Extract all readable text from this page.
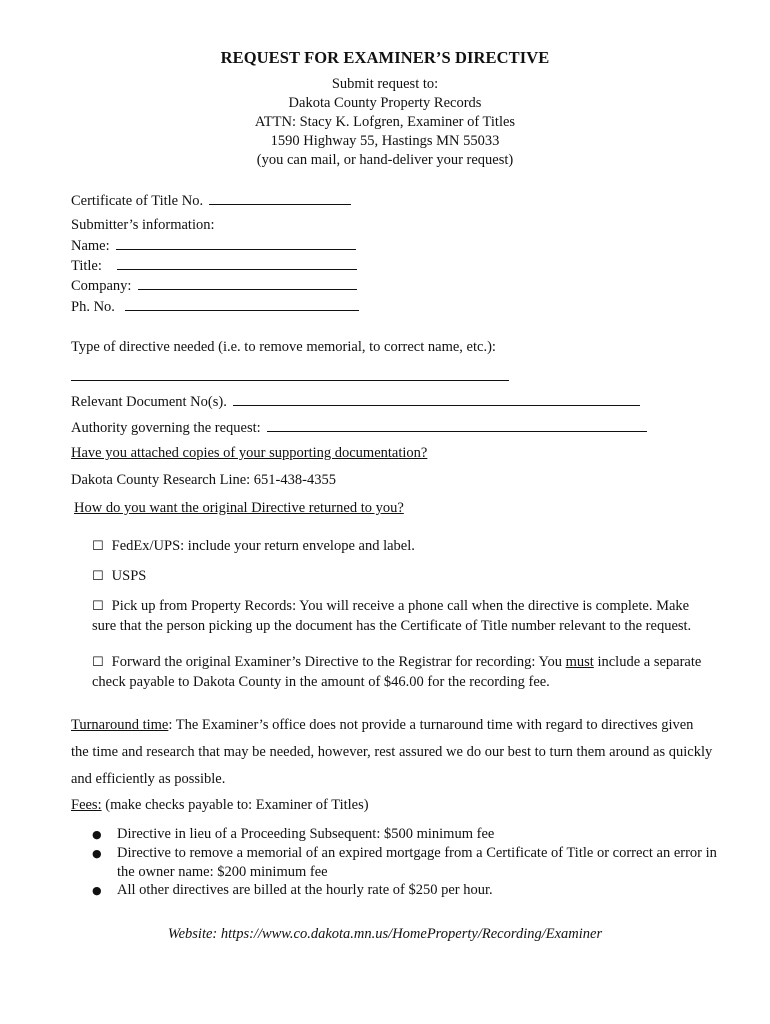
REQUEST FOR EXAMINER’S DIRECTIVE
Submit request to:
Dakota County Property Records
ATTN: Stacy K. Lofgren, Examiner of Titles
1590 Highway 55, Hastings MN 55033
(you can mail, or hand-deliver your request)
Certificate of Title No.
Submitter’s information:
Name:
Title:
Company:
Ph. No.
Type of directive needed (i.e. to remove memorial, to correct name, etc.):
Relevant Document No(s).
Authority governing the request:
Have you attached copies of your supporting documentation?
Dakota County Research Line: 651-438-4355
How do you want the original Directive returned to you?
☐ FedEx/UPS: include your return envelope and label.
☐ USPS
☐ Pick up from Property Records: You will receive a phone call when the directive is complete. Make
sure that the person picking up the document has the Certificate of Title number relevant to the request.
☐ Forward the original Examiner’s Directive to the Registrar for recording: You must include a separate
check payable to Dakota County in the amount of $46.00 for the recording fee.
Turnaround time: The Examiner’s office does not provide a turnaround time with regard to directives given
the time and research that may be needed, however, rest assured we do our best to turn them around as quickly
and efficiently as possible.
Fees: (make checks payable to: Examiner of Titles)
● Directive in lieu of a Proceeding Subsequent: $500 minimum fee
● Directive to remove a memorial of an expired mortgage from a Certificate of Title or correct an error in the owner name: $200 minimum fee
● All other directives are billed at the hourly rate of $250 per hour.
Website: https://www.co.dakota.mn.us/HomeProperty/Recording/Examiner
